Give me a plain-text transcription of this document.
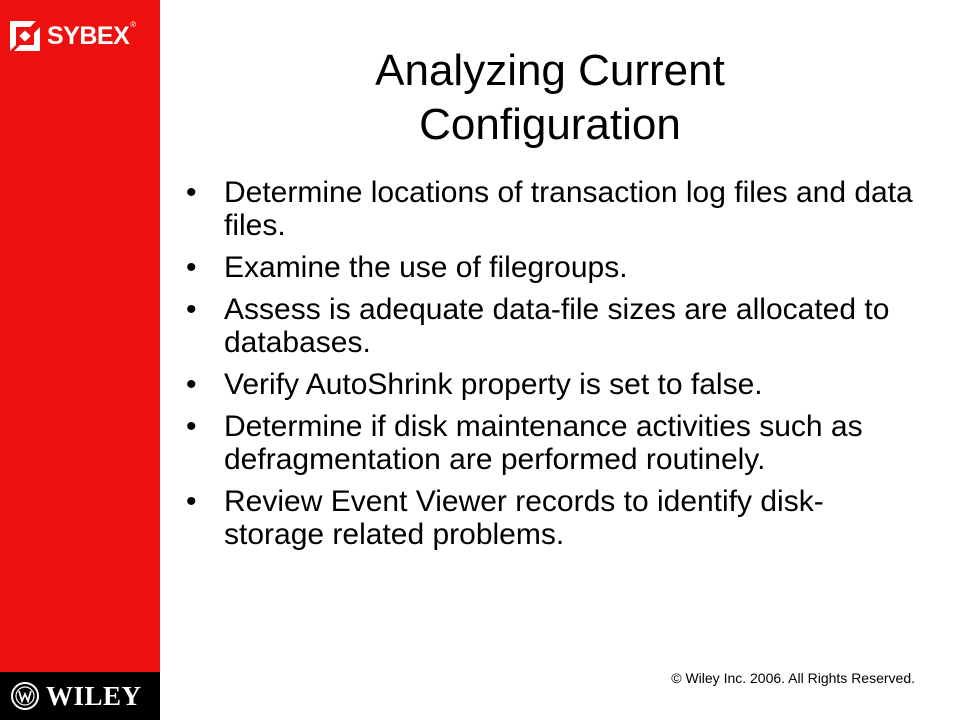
SYBEX ®
WILEY
Analyzing Current
Configuration
• Determine locations of transaction log files and data files.
• Examine the use of filegroups.
• Assess is adequate data-file sizes are allocated to databases.
• Verify AutoShrink property is set to false.
• Determine if disk maintenance activities such as defragmentation are performed routinely.
• Review Event Viewer records to identify disk-storage related problems.
© Wiley Inc. 2006. All Rights Reserved.
